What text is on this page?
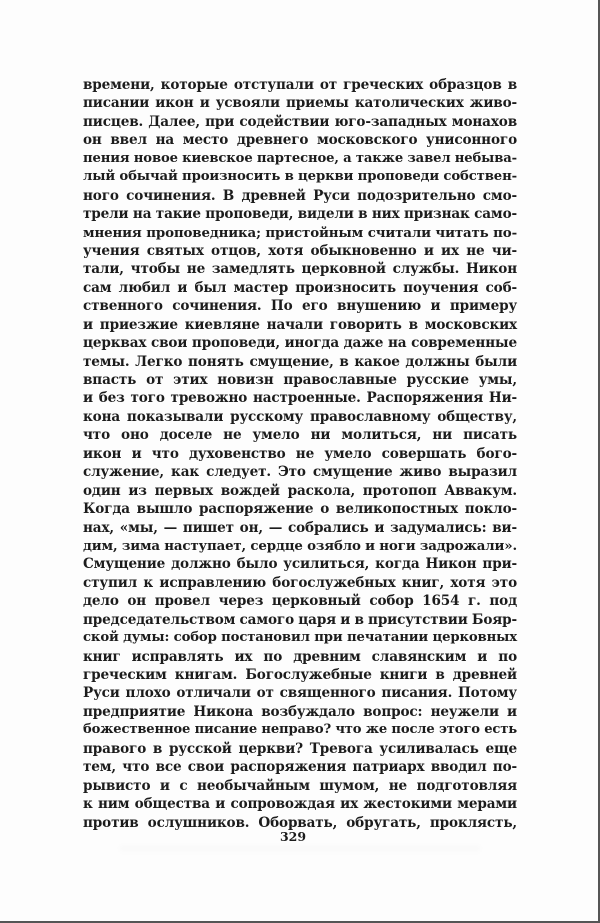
времени, которые отступали от греческих образцов в
писании икон и усвояли приемы католических живо-
писцев. Далее, при содействии юго-западных монахов
он ввел на место древнего московского унисонного
пения новое киевское партесное, а также завел небыва-
лый обычай произносить в церкви проповеди собствен-
ного сочинения. В древней Руси подозрительно смо-
трели на такие проповеди, видели в них признак само-
мнения проповедника; пристойным считали читать по-
учения святых отцов, хотя обыкновенно и их не чи-
тали, чтобы не замедлять церковной службы. Никон
сам любил и был мастер произносить поучения соб-
ственного сочинения. По его внушению и примеру
и приезжие киевляне начали говорить в московских
церквах свои проповеди, иногда даже на современные
темы. Легко понять смущение, в какое должны были
впасть от этих новизн православные русские умы,
и без того тревожно настроенные. Распоряжения Ни-
кона показывали русскому православному обществу,
что оно доселе не умело ни молиться, ни писать
икон и что духовенство не умело совершать бого-
служение, как следует. Это смущение живо выразил
один из первых вождей раскола, протопоп Аввакум.
Когда вышло распоряжение о великопостных покло-
нах, «мы, — пишет он, — собрались и задумались: ви-
дим, зима наступает, сердце озябло и ноги задрожали».
Смущение должно было усилиться, когда Никон при-
ступил к исправлению богослужебных книг, хотя это
дело он провел через церковный собор 1654 г. под
председательством самого царя и в присутствии Бояр-
ской думы: собор постановил при печатании церковных
книг исправлять их по древним славянским и по
греческим книгам. Богослужебные книги в древней
Руси плохо отличали от священного писания. Потому
предприятие Никона возбуждало вопрос: неужели и
божественное писание неправо? что же после этого есть
правого в русской церкви? Тревога усиливалась еще
тем, что все свои распоряжения патриарх вводил по-
рывисто и с необычайным шумом, не подготовляя
к ним общества и сопровождая их жестокими мерами
против ослушников. Оборвать, обругать, проклясть,
329
